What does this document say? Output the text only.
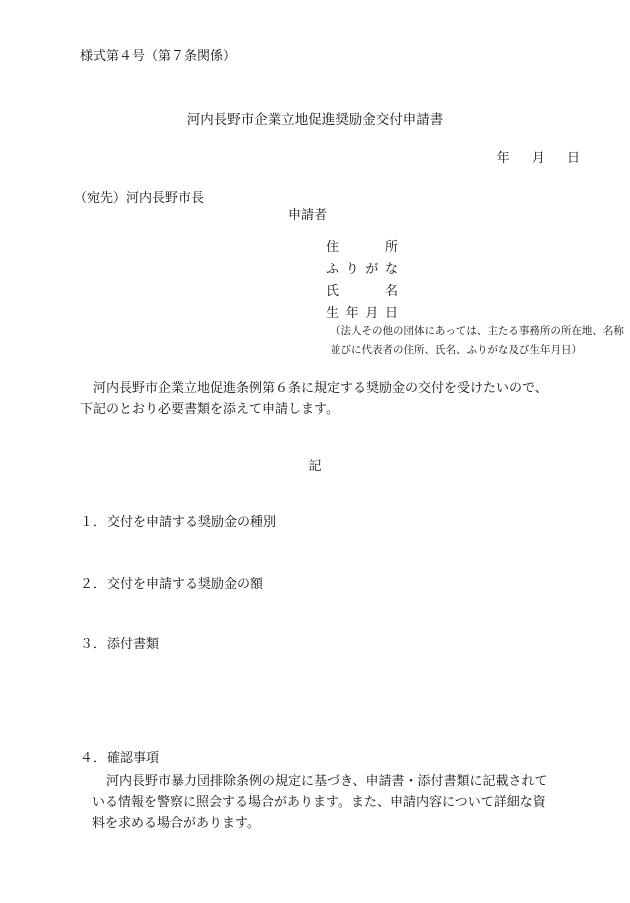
様式第４号（第７条関係）
河内長野市企業立地促進奨励金交付申請書
年 月 日
（宛先）河内長野市長
申請者
住	所
ふ り が な
氏	名
生 年 月 日
（法人その他の団体にあっては、主たる事務所の所在地、名称
並びに代表者の住所、氏名、ふりがな及び生年月日）
河内長野市企業立地促進条例第６条に規定する奨励金の交付を受けたいので、
下記のとおり必要書類を添えて申請します。
記
１．交付を申請する奨励金の種別
２．交付を申請する奨励金の額
３．添付書類
４．確認事項
河内長野市暴力団排除条例の規定に基づき、申請書・添付書類に記載されて
いる情報を警察に照会する場合があります。また、申請内容について詳細な資
料を求める場合があります。
